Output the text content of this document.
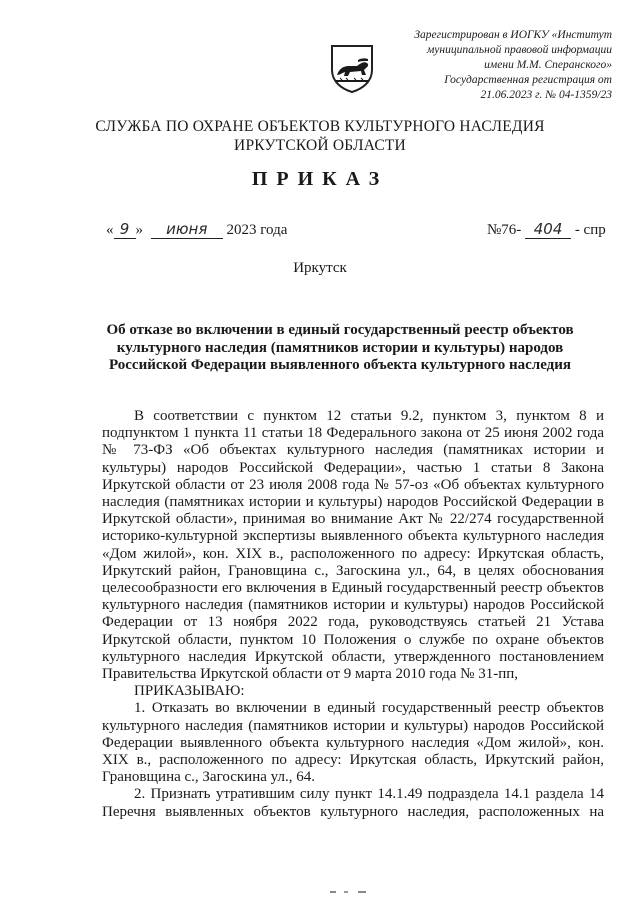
Зарегистрирован в ИОГКУ «Институт
муниципальной правовой информации
имени М.М. Сперанского»
Государственная регистрация от
21.06.2023 г. № 04-1359/23
СЛУЖБА ПО ОХРАНЕ ОБЪЕКТОВ КУЛЬТУРНОГО НАСЛЕДИЯ
ИРКУТСКОЙ ОБЛАСТИ
ПРИКАЗ
« 9 » июня 2023 года	№76- 404 - спр
Иркутск
Об отказе во включении в единый государственный реестр объектов
культурного наследия (памятников истории и культуры) народов
Российской Федерации выявленного объекта культурного наследия

В соответствии с пунктом 12 статьи 9.2, пунктом 3, пунктом 8 и подпунктом 1 пункта 11 статьи 18 Федерального закона от 25 июня 2002 года № 73-ФЗ «Об объектах культурного наследия (памятниках истории и культуры) народов Российской Федерации», частью 1 статьи 8 Закона Иркутской области от 23 июля 2008 года № 57-оз «Об объектах культурного наследия (памятниках истории и культуры) народов Российской Федерации в Иркутской области», принимая во внимание Акт № 22/274 государственной историко-культурной экспертизы выявленного объекта культурного наследия «Дом жилой», кон. XIX в., расположенного по адресу: Иркутская область, Иркутский район, Грановщина с., Загоскина ул., 64, в целях обоснования целесообразности его включения в Единый государственный реестр объектов культурного наследия (памятников истории и культуры) народов Российской Федерации от 13 ноября 2022 года, руководствуясь статьей 21 Устава Иркутской области, пунктом 10 Положения о службе по охране объектов культурного наследия Иркутской области, утвержденного постановлением Правительства Иркутской области от 9 марта 2010 года № 31-пп,

ПРИКАЗЫВАЮ:

1. Отказать во включении в единый государственный реестр объектов культурного наследия (памятников истории и культуры) народов Российской Федерации выявленного объекта культурного наследия «Дом жилой», кон. XIX в., расположенного по адресу: Иркутская область, Иркутский район, Грановщина с., Загоскина ул., 64.

2. Признать утратившим силу пункт 14.1.49 подраздела 14.1 раздела 14 Перечня выявленных объектов культурного наследия, расположенных на
